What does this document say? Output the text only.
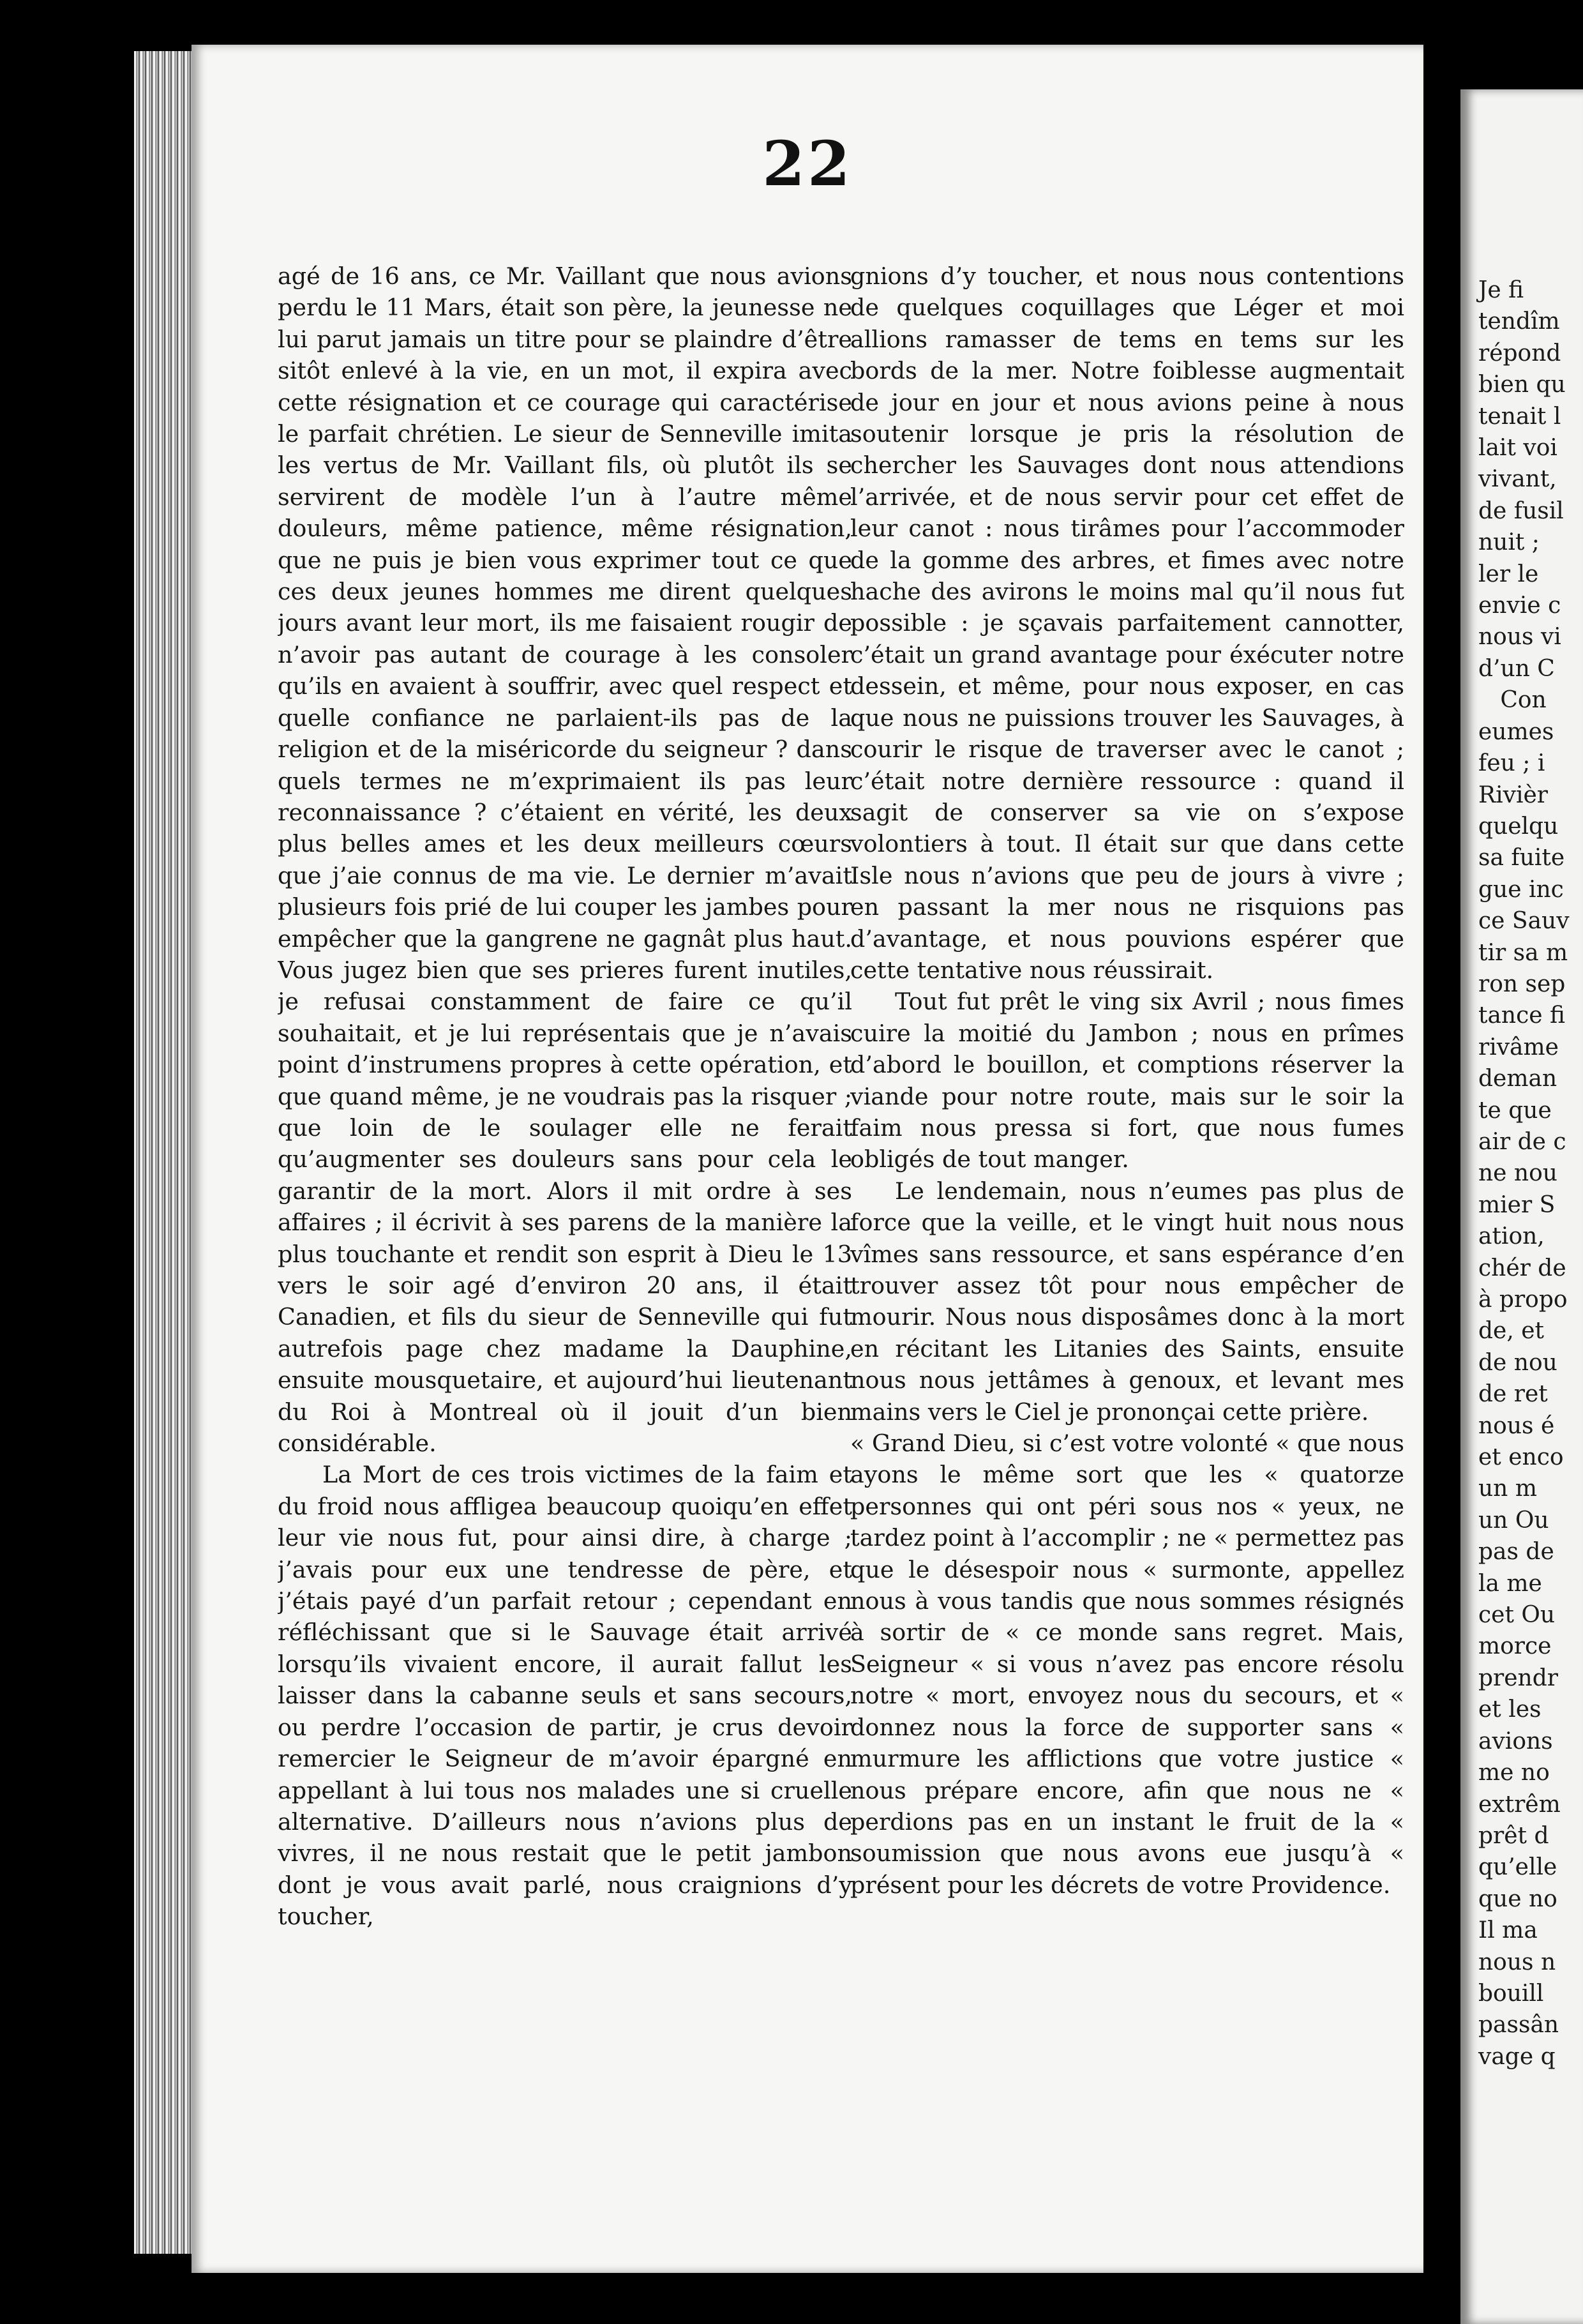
22

agé de 16 ans, ce Mr. Vaillant que nous avions perdu le 11 Mars, était son père, la jeunesse ne lui parut jamais un titre pour se plaindre d’être sitôt enlevé à la vie, en un mot, il expira avec cette résignation et ce courage qui caractérise le parfait chrétien. Le sieur de Senneville imita les vertus de Mr. Vaillant fils, où plutôt ils se servirent de modèle l’un à l’autre même douleurs, même patience, même résignation, que ne puis je bien vous exprimer tout ce que ces deux jeunes hommes me dirent quelques jours avant leur mort, ils me faisaient rougir de n’avoir pas autant de courage à les consoler qu’ils en avaient à souffrir, avec quel respect et quelle confiance ne parlaient-ils pas de la religion et de la miséricorde du seigneur ? dans quels termes ne m’exprimaient ils pas leur reconnaissance ? c’étaient en vérité, les deux plus belles ames et les deux meilleurs cœurs que j’aie connus de ma vie. Le dernier m’avait plusieurs fois prié de lui couper les jambes pour empêcher que la gangrene ne gagnât plus haut. Vous jugez bien que ses prieres furent inutiles, je refusai constamment de faire ce qu’il souhaitait, et je lui représentais que je n’avais point d’instrumens propres à cette opération, et que quand même, je ne voudrais pas la risquer ; que loin de le soulager elle ne ferait qu’augmenter ses douleurs sans pour cela le garantir de la mort. Alors il mit ordre à ses affaires ; il écrivit à ses parens de la manière la plus touchante et rendit son esprit à Dieu le 13 vers le soir agé d’environ 20 ans, il était Canadien, et fils du sieur de Senneville qui fut autrefois page chez madame la Dauphine, ensuite mousquetaire, et aujourd’hui lieutenant du Roi à Montreal où il jouit d’un bien considérable.

La Mort de ces trois victimes de la faim et du froid nous affligea beaucoup quoiqu’en effet leur vie nous fut, pour ainsi dire, à charge ; j’avais pour eux une tendresse de père, et j’étais payé d’un parfait retour ; cependant en réfléchissant que si le Sauvage était arrivé lorsqu’ils vivaient encore, il aurait fallut les laisser dans la cabanne seuls et sans secours, ou perdre l’occasion de partir, je crus devoir remercier le Seigneur de m’avoir épargné en appellant à lui tous nos malades une si cruelle alternative. D’ailleurs nous n’avions plus de vivres, il ne nous restait que le petit jambon dont je vous avait parlé, nous craignions d’y toucher,

gnions d’y toucher, et nous nous contentions de quelques coquillages que Léger et moi allions ramasser de tems en tems sur les bords de la mer. Notre foiblesse augmentait de jour en jour et nous avions peine à nous soutenir lorsque je pris la résolution de chercher les Sauvages dont nous attendions l’arrivée, et de nous servir pour cet effet de leur canot : nous tirâmes pour l’accommoder de la gomme des arbres, et fimes avec notre hache des avirons le moins mal qu’il nous fut possible : je sçavais parfaitement cannotter, c’était un grand avantage pour éxécuter notre dessein, et même, pour nous exposer, en cas que nous ne puissions trouver les Sauvages, à courir le risque de traverser avec le canot ; c’était notre dernière ressource : quand il sagit de conserver sa vie on s’expose volontiers à tout. Il était sur que dans cette Isle nous n’avions que peu de jours à vivre ; en passant la mer nous ne risquions pas d’avantage, et nous pouvions espérer que cette tentative nous réussirait.

Tout fut prêt le ving six Avril ; nous fimes cuire la moitié du Jambon ; nous en prîmes d’abord le bouillon, et comptions réserver la viande pour notre route, mais sur le soir la faim nous pressa si fort, que nous fumes obligés de tout manger.

Le lendemain, nous n’eumes pas plus de force que la veille, et le vingt huit nous nous vîmes sans ressource, et sans espérance d’en trouver assez tôt pour nous empêcher de mourir. Nous nous disposâmes donc à la mort en récitant les Litanies des Saints, ensuite nous nous jettâmes à genoux, et levant mes mains vers le Ciel je prononçai cette prière.

« Grand Dieu, si c’est votre volonté « que nous ayons le même sort que les « quatorze personnes qui ont péri sous nos « yeux, ne tardez point à l’accomplir ; ne « permettez pas que le désespoir nous « surmonte, appellez nous à vous tandis que nous sommes résignés à sortir de « ce monde sans regret. Mais, Seigneur « si vous n’avez pas encore résolu notre « mort, envoyez nous du secours, et « donnez nous la force de supporter sans « murmure les afflictions que votre justice « nous prépare encore, afin que nous ne « perdions pas en un instant le fruit de la « soumission que nous avons eue jusqu’à « présent pour les décrets de votre Providence.

Je fi
tendîm
répond
bien qu
tenait l
lait voi
vivant,
de fusil
nuit ;
ler le
envie c
nous vi
d’un C
Con
eumes
feu ; i
Rivièr
quelqu
sa fuite
gue inc
ce Sauv
tir sa m
ron sep
tance fi
rivâme
deman
te que
air de c
ne nou
mier S
ation,
chér de
à propo
de, et
de nou
de ret
nous é
et enco
un m
un Ou
pas de
la me
cet Ou
morce
prendr
et les
avions
me no
extrêm
prêt d
qu’elle
que no
Il ma
nous n
bouill
passân
vage q
